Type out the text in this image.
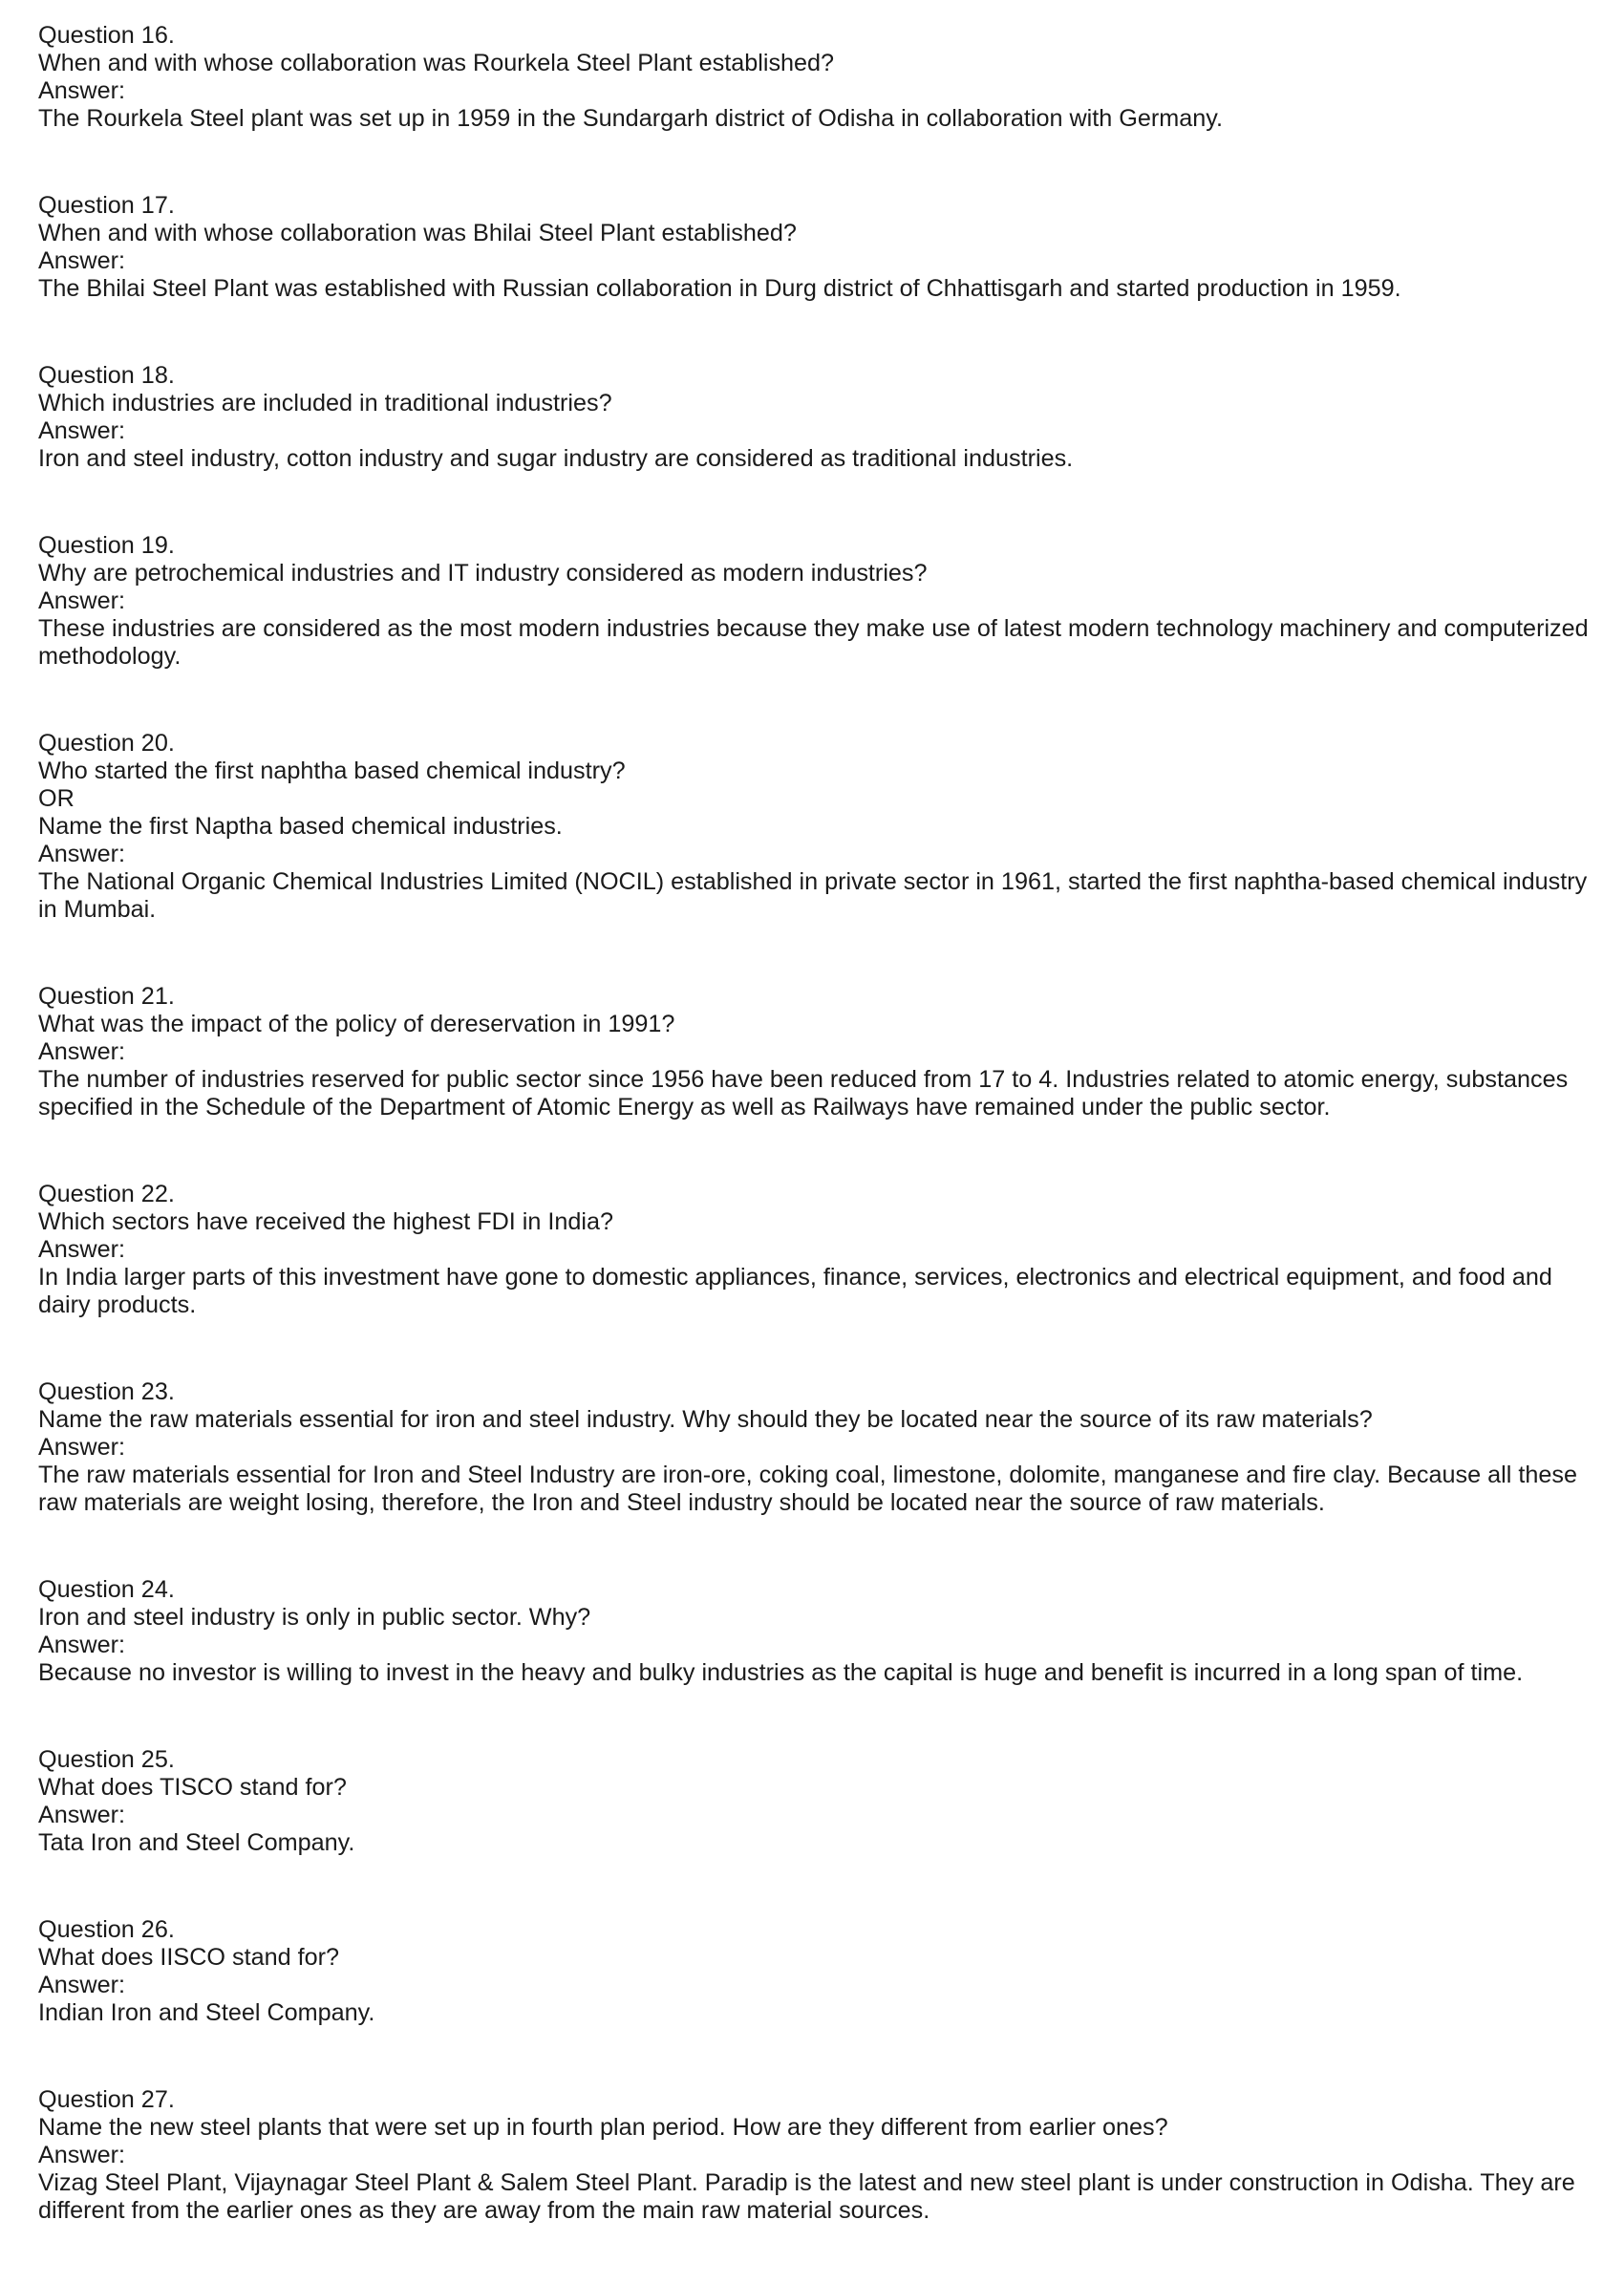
Question 16.

When and with whose collaboration was Rourkela Steel Plant established?

Answer:

The Rourkela Steel plant was set up in 1959 in the Sundargarh district of Odisha in collaboration with Germany.

Question 17.

When and with whose collaboration was Bhilai Steel Plant established?

Answer:

The Bhilai Steel Plant was established with Russian collaboration in Durg district of Chhattisgarh and started production in 1959.

Question 18.

Which industries are included in traditional industries?

Answer:

Iron and steel industry, cotton industry and sugar industry are considered as traditional industries.

Question 19.

Why are petrochemical industries and IT industry considered as modern industries?

Answer:

These industries are considered as the most modern industries because they make use of latest modern technology machinery and computerized methodology.

Question 20.

Who started the first naphtha based chemical industry?

OR

Name the first Naptha based chemical industries.

Answer:

The National Organic Chemical Industries Limited (NOCIL) established in private sector in 1961, started the first naphtha-based chemical industry in Mumbai.

Question 21.

What was the impact of the policy of dereservation in 1991?

Answer:

The number of industries reserved for public sector since 1956 have been reduced from 17 to 4. Industries related to atomic energy, substances specified in the Schedule of the Department of Atomic Energy as well as Railways have remained under the public sector.

Question 22.

Which sectors have received the highest FDI in India?

Answer:

In India larger parts of this investment have gone to domestic appliances, finance, services, electronics and electrical equipment, and food and dairy products.

Question 23.

Name the raw materials essential for iron and steel industry. Why should they be located near the source of its raw materials?

Answer:

The raw materials essential for Iron and Steel Industry are iron-ore, coking coal, limestone, dolomite, manganese and fire clay. Because all these raw materials are weight losing, therefore, the Iron and Steel industry should be located near the source of raw materials.

Question 24.

Iron and steel industry is only in public sector. Why?

Answer:

Because no investor is willing to invest in the heavy and bulky industries as the capital is huge and benefit is incurred in a long span of time.

Question 25.

What does TISCO stand for?

Answer:

Tata Iron and Steel Company.

Question 26.

What does IISCO stand for?

Answer:

Indian Iron and Steel Company.

Question 27.

Name the new steel plants that were set up in fourth plan period. How are they different from earlier ones?

Answer:

Vizag Steel Plant, Vijaynagar Steel Plant & Salem Steel Plant. Paradip is the latest and new steel plant is under construction in Odisha. They are different from the earlier ones as they are away from the main raw material sources.
